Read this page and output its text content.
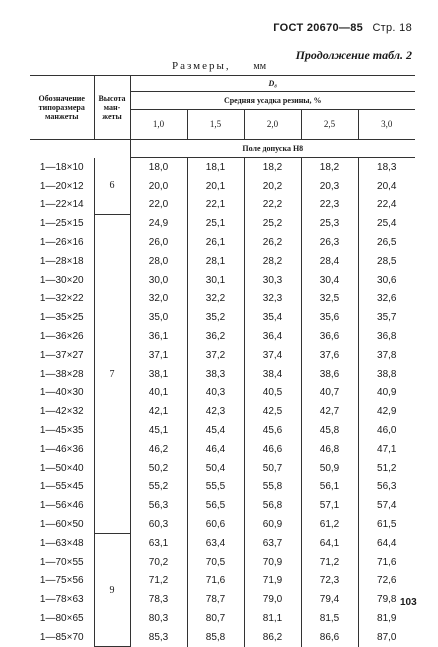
ГОСТ 20670—85 Стр. 18
Продолжение табл. 2
Размеры, мм
Обозначение типоразмера манжеты	Высота ман- жеты	D₈				
		Средняя усадка резины, %				
		1,0	1,5	2,0	2,5	3,0
		Поле допуска Н8				
1—18×10	6	18,0	18,1	18,2	18,2	18,3
1—20×12		20,0	20,1	20,2	20,3	20,4
1—22×14		22,0	22,1	22,2	22,3	22,4
1—25×15	7	24,9	25,1	25,2	25,3	25,4
1—26×16		26,0	26,1	26,2	26,3	26,5
1—28×18		28,0	28,1	28,2	28,4	28,5
1—30×20		30,0	30,1	30,3	30,4	30,6
1—32×22		32,0	32,2	32,3	32,5	32,6
1—35×25		35,0	35,2	35,4	35,6	35,7
1—36×26		36,1	36,2	36,4	36,6	36,8
1—37×27		37,1	37,2	37,4	37,6	37,8
1—38×28		38,1	38,3	38,4	38,6	38,8
1—40×30		40,1	40,3	40,5	40,7	40,9
1—42×32		42,1	42,3	42,5	42,7	42,9
1—45×35		45,1	45,4	45,6	45,8	46,0
1—46×36		46,2	46,4	46,6	46,8	47,1
1—50×40		50,2	50,4	50,7	50,9	51,2
1—55×45		55,2	55,5	55,8	56,1	56,3
1—56×46		56,3	56,5	56,8	57,1	57,4
1—60×50		60,3	60,6	60,9	61,2	61,5
1—63×48	9	63,1	63,4	63,7	64,1	64,4
1—70×55		70,2	70,5	70,9	71,2	71,6
1—75×56		71,2	71,6	71,9	72,3	72,6
1—78×63		78,3	78,7	79,0	79,4	79,8
1—80×65		80,3	80,7	81,1	81,5	81,9
1—85×70		85,3	85,8	86,2	86,6	87,0
103
